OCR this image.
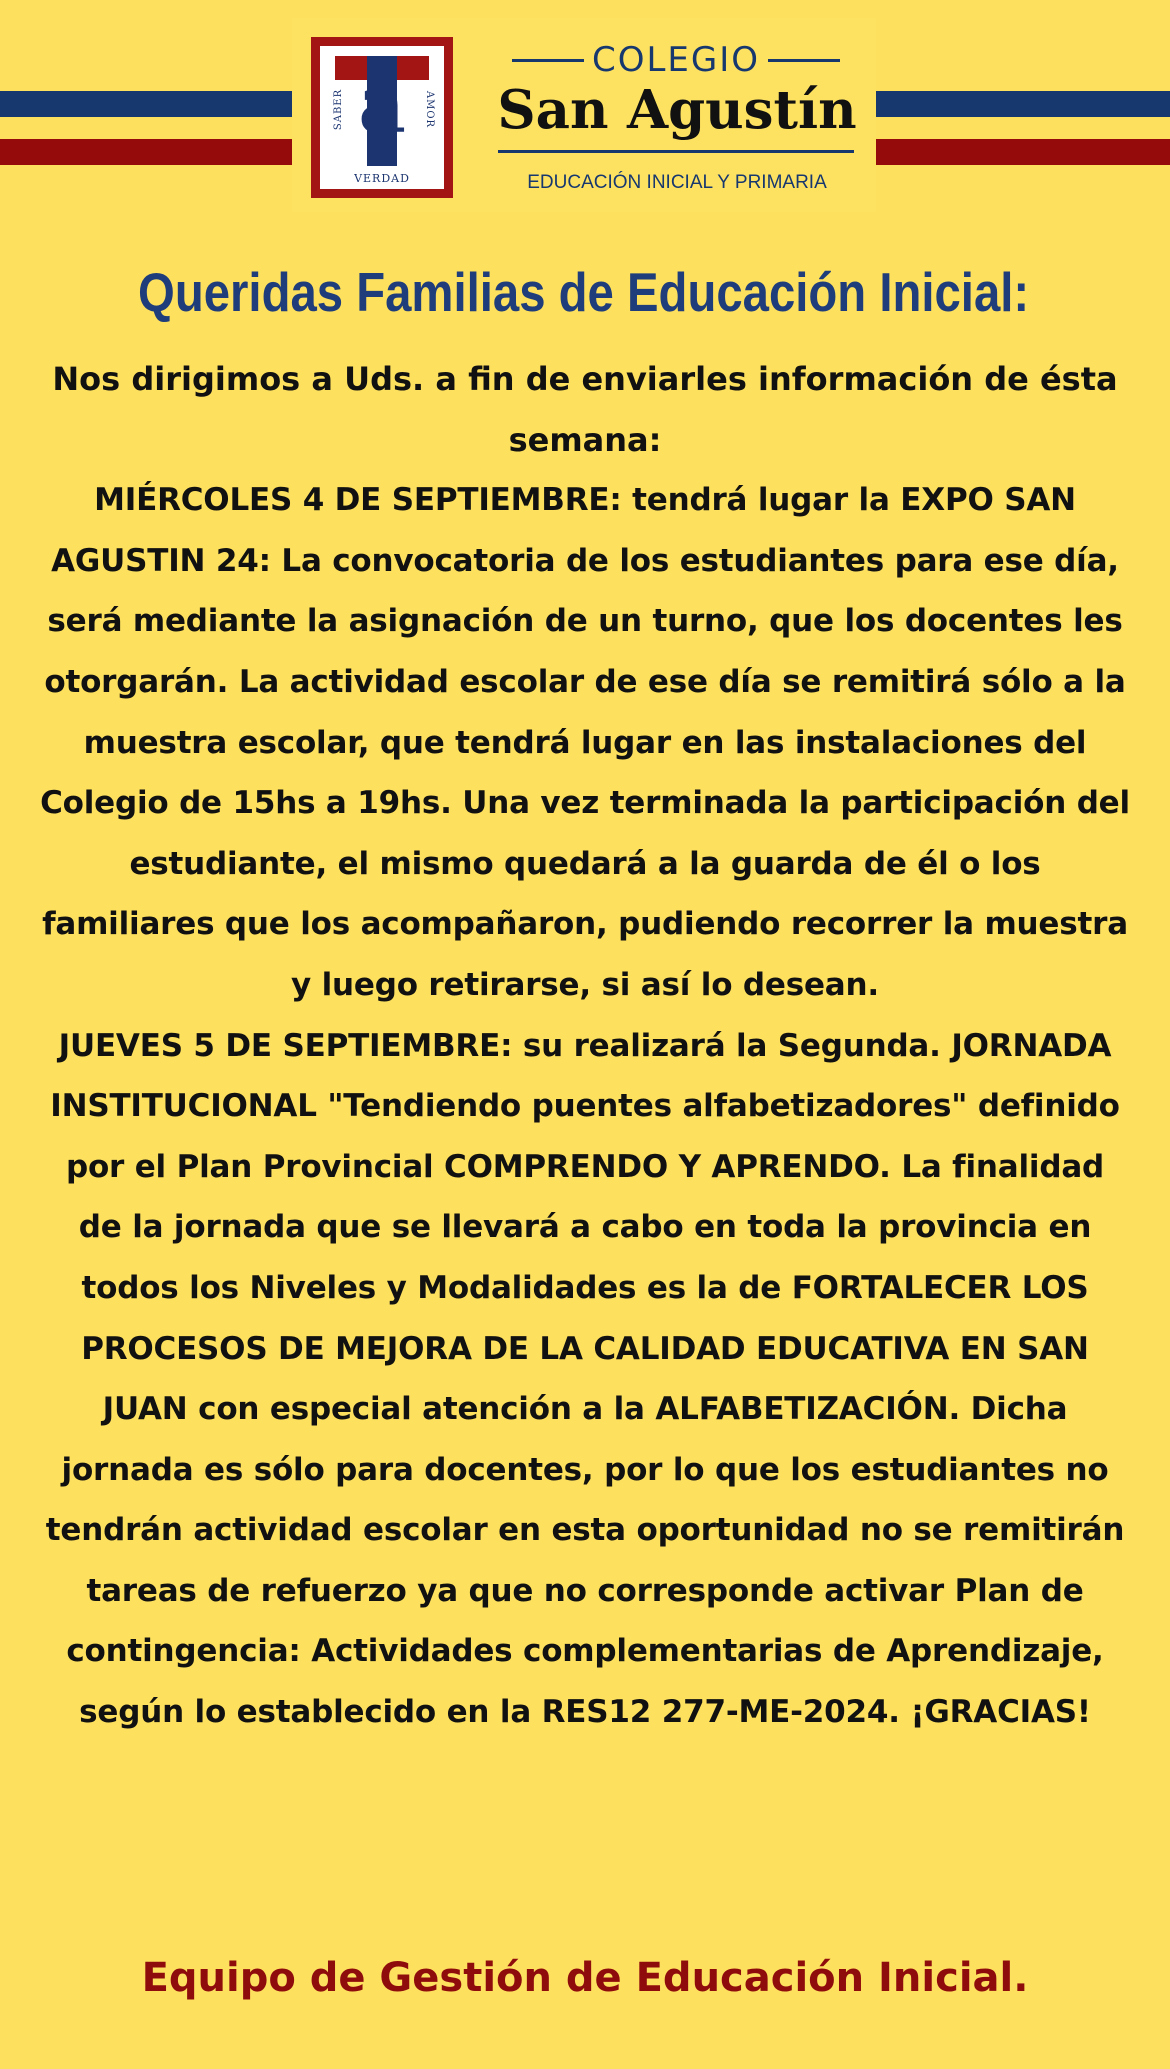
a
SABER	AMOR
VERDAD
COLEGIO
San Agustín
EDUCACIÓN INICIAL Y PRIMARIA
Queridas Familias de Educación Inicial:

Nos dirigimos a Uds. a fin de enviarles información de ésta semana:

MIÉRCOLES 4 DE SEPTIEMBRE: tendrá lugar la EXPO SAN AGUSTIN 24: La convocatoria de los estudiantes para ese día, será mediante la asignación de un turno, que los docentes les otorgarán. La actividad escolar de ese día se remitirá sólo a la muestra escolar, que tendrá lugar en las instalaciones del Colegio de 15hs a 19hs. Una vez terminada la participación del estudiante, el mismo quedará a la guarda de él o los familiares que los acompañaron, pudiendo recorrer la muestra y luego retirarse, si así lo desean.

JUEVES 5 DE SEPTIEMBRE: su realizará la Segunda. JORNADA INSTITUCIONAL "Tendiendo puentes alfabetizadores" definido por el Plan Provincial COMPRENDO Y APRENDO. La finalidad de la jornada que se llevará a cabo en toda la provincia en todos los Niveles y Modalidades es la de FORTALECER LOS PROCESOS DE MEJORA DE LA CALIDAD EDUCATIVA EN SAN JUAN con especial atención a la ALFABETIZACIÓN. Dicha jornada es sólo para docentes, por lo que los estudiantes no tendrán actividad escolar en esta oportunidad no se remitirán tareas de refuerzo ya que no corresponde activar Plan de contingencia: Actividades complementarias de Aprendizaje, según lo establecido en la RES12 277-ME-2024. ¡GRACIAS!

Equipo de Gestión de Educación Inicial.
